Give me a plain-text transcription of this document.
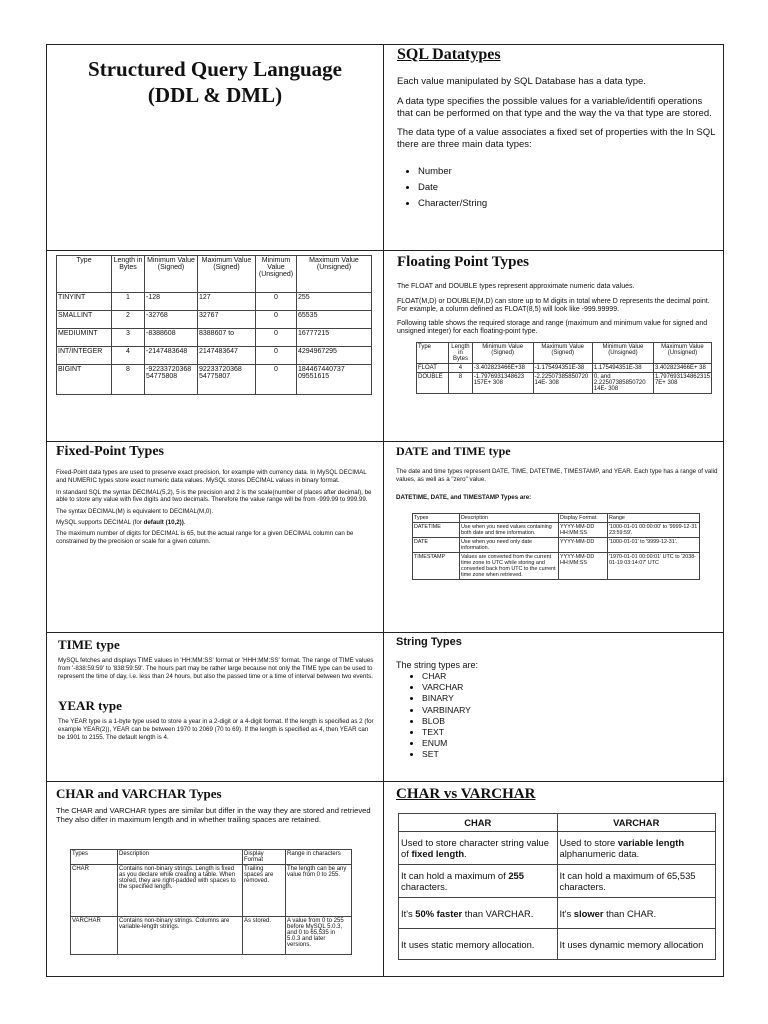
Structured Query Language
(DDL & DML)
SQL Datatypes

Each value manipulated by SQL Database has a data type.

A data type specifies the possible values for a variable/identifi operations that can be performed on that type and the way the va that type are stored.

The data type of a value associates a fixed set of properties with the In SQL there are three main data types:

• Number
• Date
• Character/String
Type	Length in Bytes	Minimum Value (Signed)	Maximum Value (Signed)	Minimum Value (Unsigned)	Maximum Value (Unsigned)
TINYINT	1	-128	127	0	255
SMALLINT	2	-32768	32767	0	65535
MEDIUMINT	3	-8388608	8388607 to	0	16777215
INT/INTEGER	4	-2147483648	2147483647	0	4294967295
BIGINT	8	-92233720368 54775808	92233720368 54775807	0	184467440737 09551615
Floating Point Types

The FLOAT and DOUBLE types represent approximate numeric data values.

FLOAT(M,D) or DOUBLE(M,D) can store up to M digits in total where D represents the decimal point. For example, a column defined as FLOAT(8,5) will look like -999.99999.

Following table shows the required storage and range (maximum and minimum value for signed and unsigned integer) for each floating-point type.

Type	Length in Bytes	Minimum Value (Signed)	Maximum Value (Signed)	Minimum Value (Unsigned)	Maximum Value (Unsigned)
FLOAT	4	-3.402823466E+38	-1.175494351E-38	1.175494351E-38	3.402823466E+ 38
DOUBLE	8	-1.7976931348623 157E+ 308	-2.22507385850720 14E- 308	0, and 2.22507385850720 14E- 308	1.797693134862315 7E+ 308
Fixed-Point Types

Fixed-Point data types are used to preserve exact precision, for example with currency data. In MySQL DECIMAL and NUMERIC types store exact numeric data values. MySQL stores DECIMAL values in binary format.

In standard SQL the syntax DECIMAL(5,2), 5 is the precision and 2 is the scale(number of places after decimal), be able to store any value with five digits and two decimals. Therefore the value range will be from -999.99 to 999.99.

The syntax DECIMAL(M) is equivalent to DECIMAL(M,0).

MySQL supports DECIMAL (for default (10,2)).

The maximum number of digits for DECIMAL is 65, but the actual range for a given DECIMAL column can be constrained by the precision or scale for a given column.

DATE and TIME type

The date and time types represent DATE, TIME, DATETIME, TIMESTAMP, and YEAR. Each type has a range of valid values, as well as a "zero" value.

DATETIME, DATE, and TIMESTAMP Types are:

Types	Description	Display Format	Range
DATETIME	Use when you need values containing both date and time information.	YYYY-MM-DD HH:MM:SS	'1000-01-01 00:00:00' to '9999-12-31 23:59:59'.
DATE	Use when you need only date information.	YYYY-MM-DD	'1000-01-01' to '9999-12-31'.
TIMESTAMP	Values are converted from the current time zone to UTC while storing and converted back from UTC to the current time zone when retrieved.	YYYY-MM-DD HH:MM:SS	'1970-01-01 00:00:01' UTC to '2038-01-19 03:14:07' UTC
TIME type

MySQL fetches and displays TIME values in 'HH:MM:SS' format or 'HHH:MM:SS' format. The range of TIME values from '-838:59:59' to '838:59:59'. The hours part may be rather large because not only the TIME type can be used to represent the time of day, i.e. less than 24 hours, but also the passed time or a time of interval between two events.

YEAR type

The YEAR type is a 1-byte type used to store a year in a 2-digit or a 4-digit format. If the length is specified as 2 (for example YEAR(2)), YEAR can be between 1970 to 2069 (70 to 69). If the length is specified as 4, then YEAR can be 1901 to 2155. The default length is 4.

String Types

The string types are:

• CHAR
• VARCHAR
• BINARY
• VARBINARY
• BLOB
• TEXT
• ENUM
• SET
CHAR and VARCHAR Types

The CHAR and VARCHAR types are similar but differ in the way they are stored and retrieved They also differ in maximum length and in whether trailing spaces are retained.

Types	Description	Display Format	Range in characters
CHAR	Contains non-binary strings. Length is fixed as you declare while creating a table. When stored, they are right-padded with spaces to the specified length.	Trailing spaces are removed.	The length can be any value from 0 to 255.
VARCHAR	Contains non-binary strings. Columns are variable-length strings.	As stored.	A value from 0 to 255 before MySQL 5.0.3, and 0 to 65,535 in 5.0.3 and later versions.
CHAR vs VARCHAR
CHAR	VARCHAR
Used to store character string value of fixed length.	Used to store variable length alphanumeric data.
It can hold a maximum of 255 characters.	It can hold a maximum of 65,535 characters.
It's 50% faster than VARCHAR.	It's slower than CHAR.
It uses static memory allocation.	It uses dynamic memory allocation
